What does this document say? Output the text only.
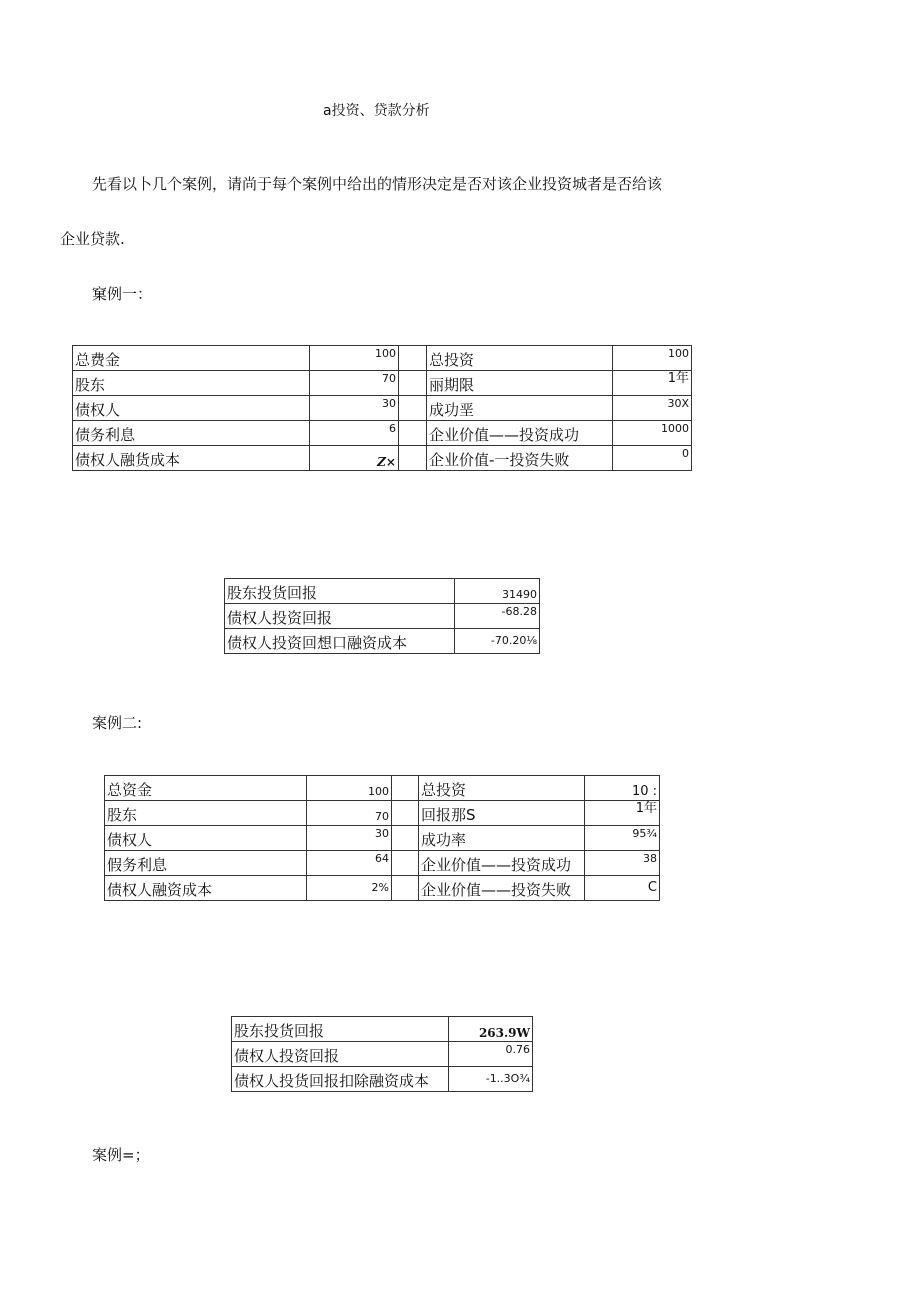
a投资、贷款分析
先看以卜几个案例，请尚于每个案例中给出的情形决定是否对该企业投资城者是否给该
企业贷款.
窠例一：
总费金	100		总投资	100
股东	70		丽期限	1年
债权人	30		成功垩	30X
债务利息	6		企业价值——投资成功	1000
债权人融货成本	Z×		企业价值-一投资失败	0
股东投货回报	31490
债权人投资回报	-68.28
债权人投资回想口融资成本	-70.20⅛
案例二:
总资金	100		总投资	10 :
股东	70		回报那S	1年
债权人	30		成功率	95¾
假务利息	64		企业价值——投资成功	38
债权人融资成本	2%		企业价值——投资失败	C
股东投货回报	263.9W
债权人投资回报	0.76
债权人投货回报扣除融资成本	-1..3O¾
案例=；
